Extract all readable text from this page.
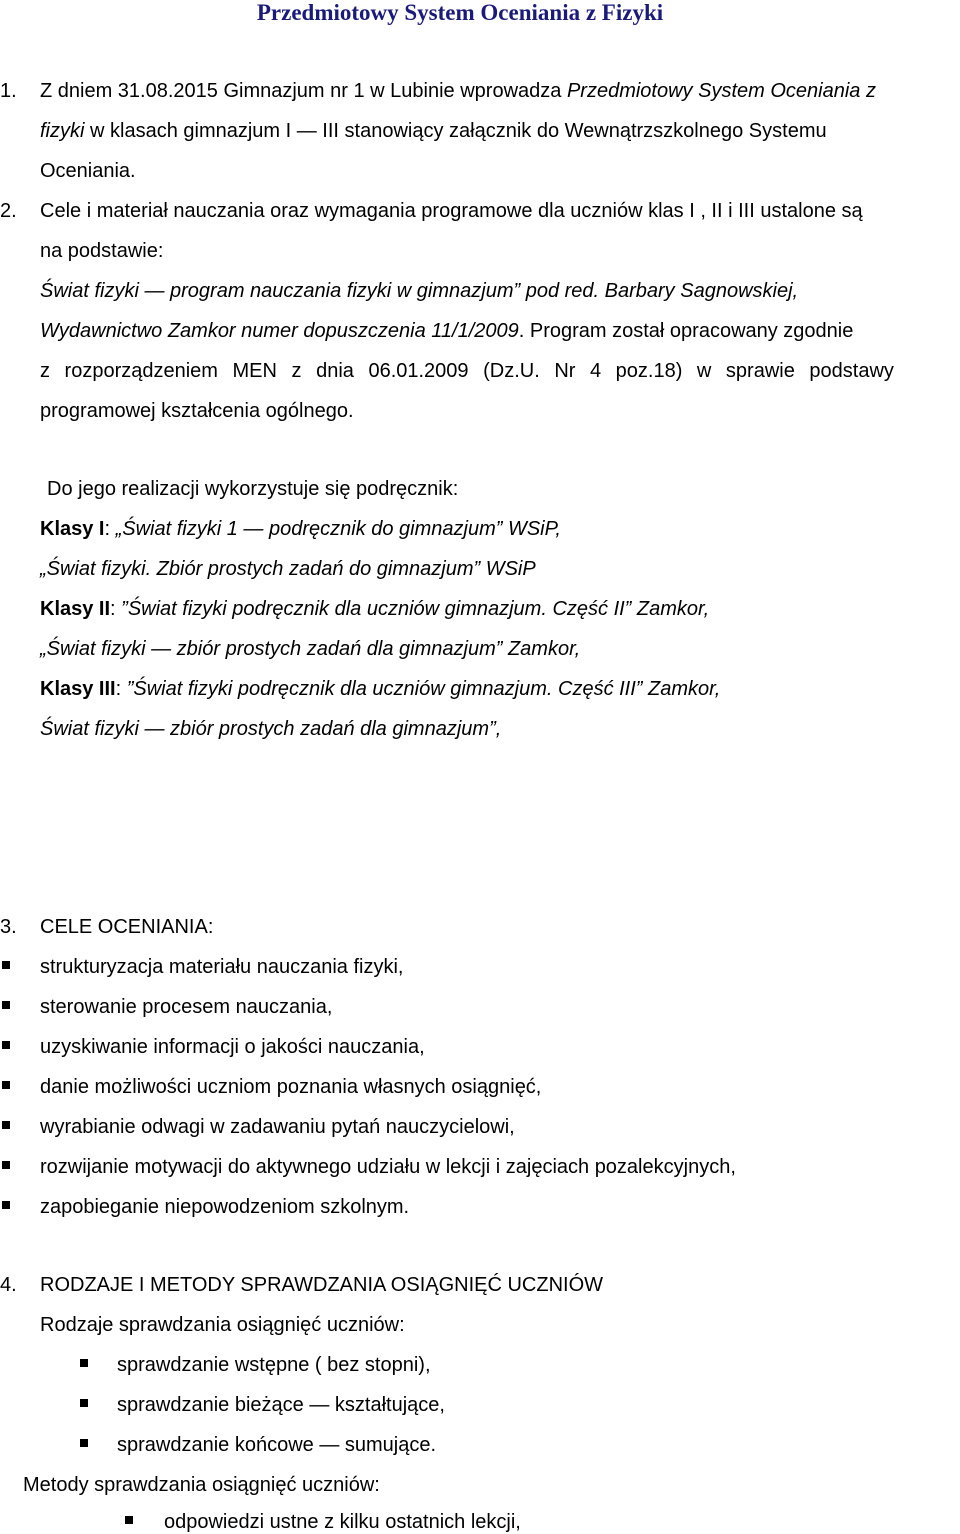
Przedmiotowy System Oceniania z Fizyki
1. Z dniem 31.08.2015 Gimnazjum nr 1 w Lubinie wprowadza Przedmiotowy System Oceniania z
fizyki w klasach gimnazjum I — III stanowiący załącznik do Wewnątrzszkolnego Systemu
Oceniania.
2. Cele i materiał nauczania oraz wymagania programowe dla uczniów klas I , II i III ustalone są
na podstawie:
Świat fizyki — program nauczania fizyki w gimnazjum” pod red. Barbary Sagnowskiej,
Wydawnictwo Zamkor numer dopuszczenia 11/1/2009. Program został opracowany zgodnie
z rozporządzeniem MEN z dnia 06.01.2009 (Dz.U. Nr 4 poz.18) w sprawie podstawy
programowej kształcenia ogólnego.
Do jego realizacji wykorzystuje się podręcznik:
Klasy I: „Świat fizyki 1 — podręcznik do gimnazjum” WSiP,
„Świat fizyki. Zbiór prostych zadań do gimnazjum” WSiP
Klasy II: ”Świat fizyki podręcznik dla uczniów gimnazjum. Część II” Zamkor,
„Świat fizyki — zbiór prostych zadań dla gimnazjum” Zamkor,
Klasy III: ”Świat fizyki podręcznik dla uczniów gimnazjum. Część III” Zamkor,
Świat fizyki — zbiór prostych zadań dla gimnazjum”,
3. CELE OCENIANIA:
strukturyzacja materiału nauczania fizyki,
sterowanie procesem nauczania,
uzyskiwanie informacji o jakości nauczania,
danie możliwości uczniom poznania własnych osiągnięć,
wyrabianie odwagi w zadawaniu pytań nauczycielowi,
rozwijanie motywacji do aktywnego udziału w lekcji i zajęciach pozalekcyjnych,
zapobieganie niepowodzeniom szkolnym.
4. RODZAJE I METODY SPRAWDZANIA OSIĄGNIĘĆ UCZNIÓW
Rodzaje sprawdzania osiągnięć uczniów:
sprawdzanie wstępne ( bez stopni),
sprawdzanie bieżące — kształtujące,
sprawdzanie końcowe — sumujące.
Metody sprawdzania osiągnięć uczniów:
odpowiedzi ustne z kilku ostatnich lekcji,
